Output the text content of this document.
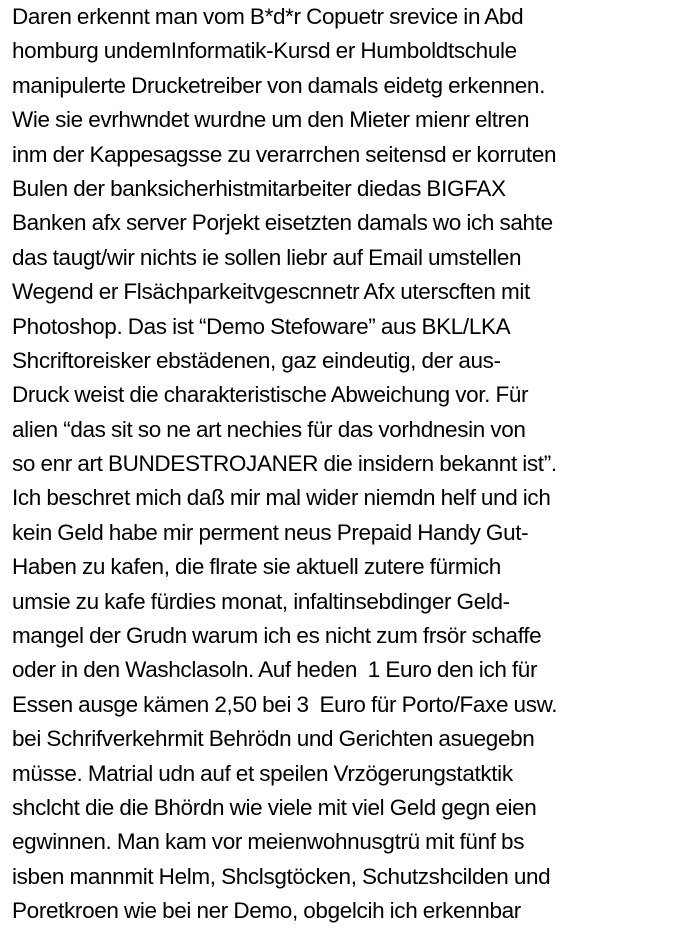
Daren erkennt man vom B*d*r Copuetr srevice in Abd
homburg undemInformatik-Kursd er Humboldtschule
manipulerte Drucketreiber von damals eidetg erkennen.
Wie sie evrhwndet wurdne um den Mieter mienr eltren
inm der Kappesagsse zu verarrchen seitensd er korruten
Bulen der banksicherhistmitarbeiter diedas BIGFAX
Banken afx server Porjekt eisetzten damals wo ich sahte
das taugt/wir nichts ie sollen liebr auf Email umstellen
Wegend er Flsächparkeitvgescnnetr Afx uterscften mit
Photoshop. Das ist “Demo Stefoware” aus BKL/LKA
Shcriftoreisker ebstädenen, gaz eindeutig, der aus-
Druck weist die charakteristische Abweichung vor. Für
alien “das sit so ne art nechies für das vorhdnesin von
so enr art BUNDESTROJANER die insidern bekannt ist”.
Ich beschret mich daß mir mal wider niemdn helf und ich
kein Geld habe mir perment neus Prepaid Handy Gut-
Haben zu kafen, die flrate sie aktuell zutere fürmich
umsie zu kafe fürdies monat, infaltinsebdinger Geld-
mangel der Grudn warum ich es nicht zum frsör schaffe
oder in den Washclasoln. Auf heden  1 Euro den ich für
Essen ausge kämen 2,50 bei 3  Euro für Porto/Faxe usw.
bei Schrifverkehrmit Behrödn und Gerichten asuegebn
müsse. Matrial udn auf et speilen Vrzögerungstatktik
shclcht die die Bhördn wie viele mit viel Geld gegn eien
egwinnen. Man kam vor meienwohnusgtrü mit fünf bs
isben mannmit Helm, Shclsgtöcken, Schutzshcilden und
Poretkroen wie bei ner Demo, obgelcih ich erkennbar
